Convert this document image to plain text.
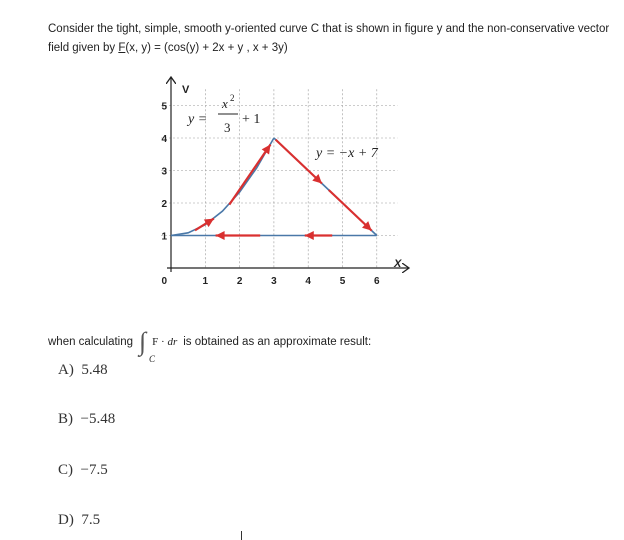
Consider the tight, simple, smooth y-oriented curve C that is shown in figure y and the non-conservative vector field given by F(x, y) = (cos(y) + 2x + y , x + 3y)
1	2	3	4	5	6
1
2
3
4
5
0
V
X
y =
x 2
3
+ 1
y = −x + 7
when calculating ∫
C
F · dr is obtained as an approximate result:
A) 5.48
B) −5.48
C) −7.5
D) 7.5
